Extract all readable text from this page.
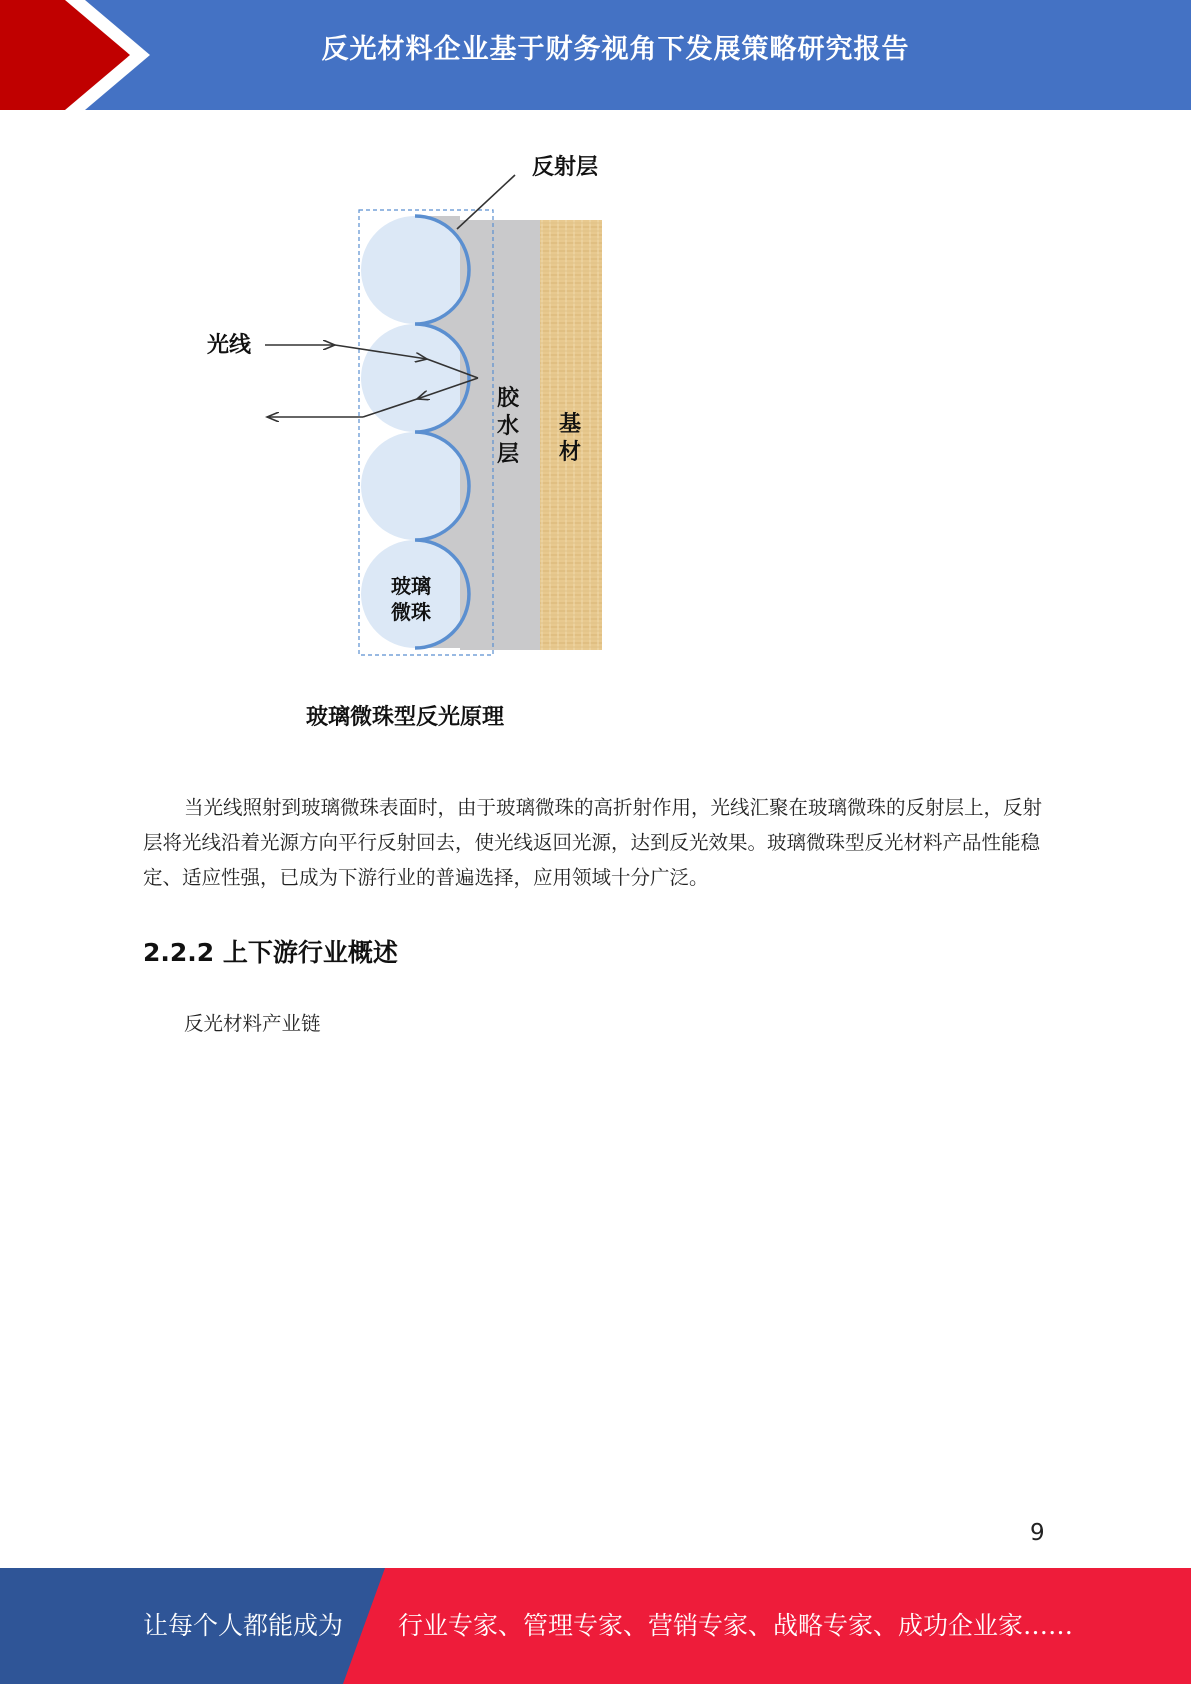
反光材料企业基于财务视角下发展策略研究报告
反射层
光线
胶水层
基材
玻璃微珠
玻璃微珠型反光原理

当光线照射到玻璃微珠表面时，由于玻璃微珠的高折射作用，光线汇聚在玻璃微珠的反射层上，反射层将光线沿着光源方向平行反射回去，使光线返回光源，达到反光效果。玻璃微珠型反光材料产品性能稳定、适应性强，已成为下游行业的普遍选择，应用领域十分广泛。

2.2.2 上下游行业概述
反光材料产业链
9
让每个人都能成为 行业专家、管理专家、营销专家、战略专家、成功企业家……
